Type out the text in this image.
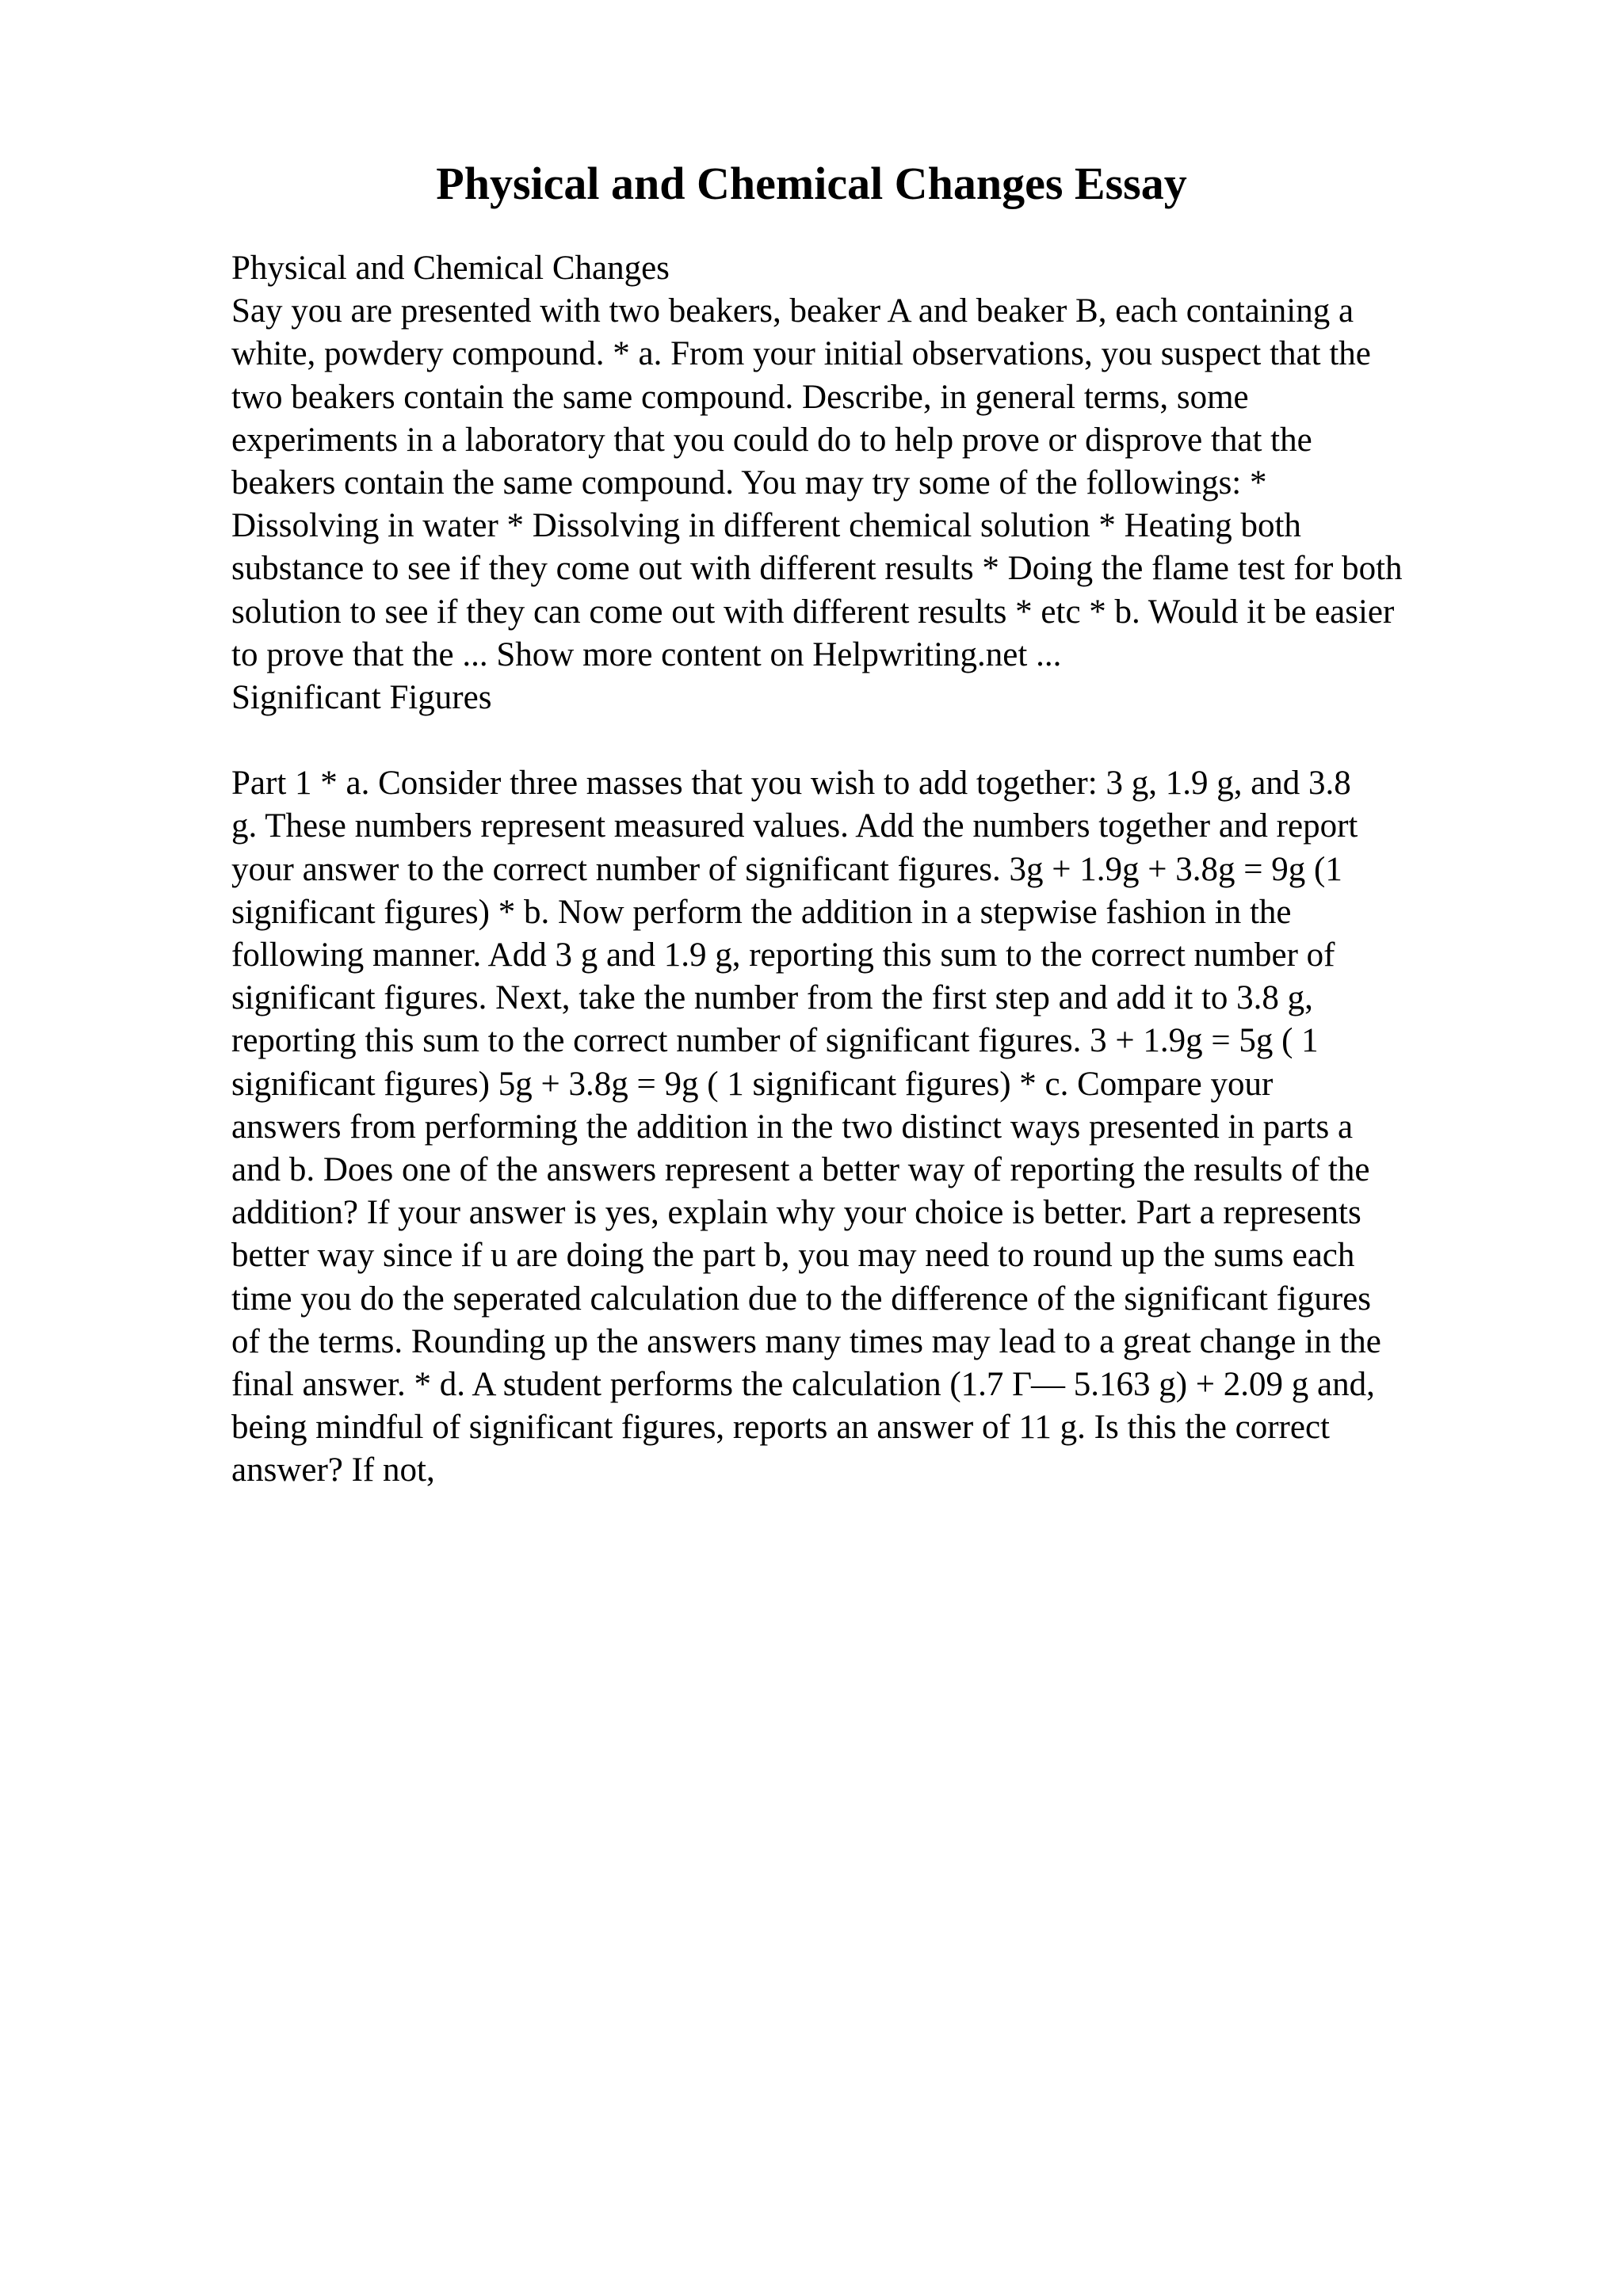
Physical and Chemical Changes Essay
Physical and Chemical Changes
Say you are presented with two beakers, beaker A and beaker B, each containing a
white, powdery compound. * a. From your initial observations, you suspect that the
two beakers contain the same compound. Describe, in general terms, some
experiments in a laboratory that you could do to help prove or disprove that the
beakers contain the same compound. You may try some of the followings: *
Dissolving in water * Dissolving in different chemical solution * Heating both
substance to see if they come out with different results * Doing the flame test for both
solution to see if they can come out with different results * etc * b. Would it be easier
to prove that the ... Show more content on Helpwriting.net ...
Significant Figures
Part 1 * a. Consider three masses that you wish to add together: 3 g, 1.9 g, and 3.8
g. These numbers represent measured values. Add the numbers together and report
your answer to the correct number of significant figures. 3g + 1.9g + 3.8g = 9g (1
significant figures) * b. Now perform the addition in a stepwise fashion in the
following manner. Add 3 g and 1.9 g, reporting this sum to the correct number of
significant figures. Next, take the number from the first step and add it to 3.8 g,
reporting this sum to the correct number of significant figures. 3 + 1.9g = 5g ( 1
significant figures) 5g + 3.8g = 9g ( 1 significant figures) * c. Compare your
answers from performing the addition in the two distinct ways presented in parts a
and b. Does one of the answers represent a better way of reporting the results of the
addition? If your answer is yes, explain why your choice is better. Part a represents
better way since if u are doing the part b, you may need to round up the sums each
time you do the seperated calculation due to the difference of the significant figures
of the terms. Rounding up the answers many times may lead to a great change in the
final answer. * d. A student performs the calculation (1.7 Г— 5.163 g) + 2.09 g and,
being mindful of significant figures, reports an answer of 11 g. Is this the correct
answer? If not,
